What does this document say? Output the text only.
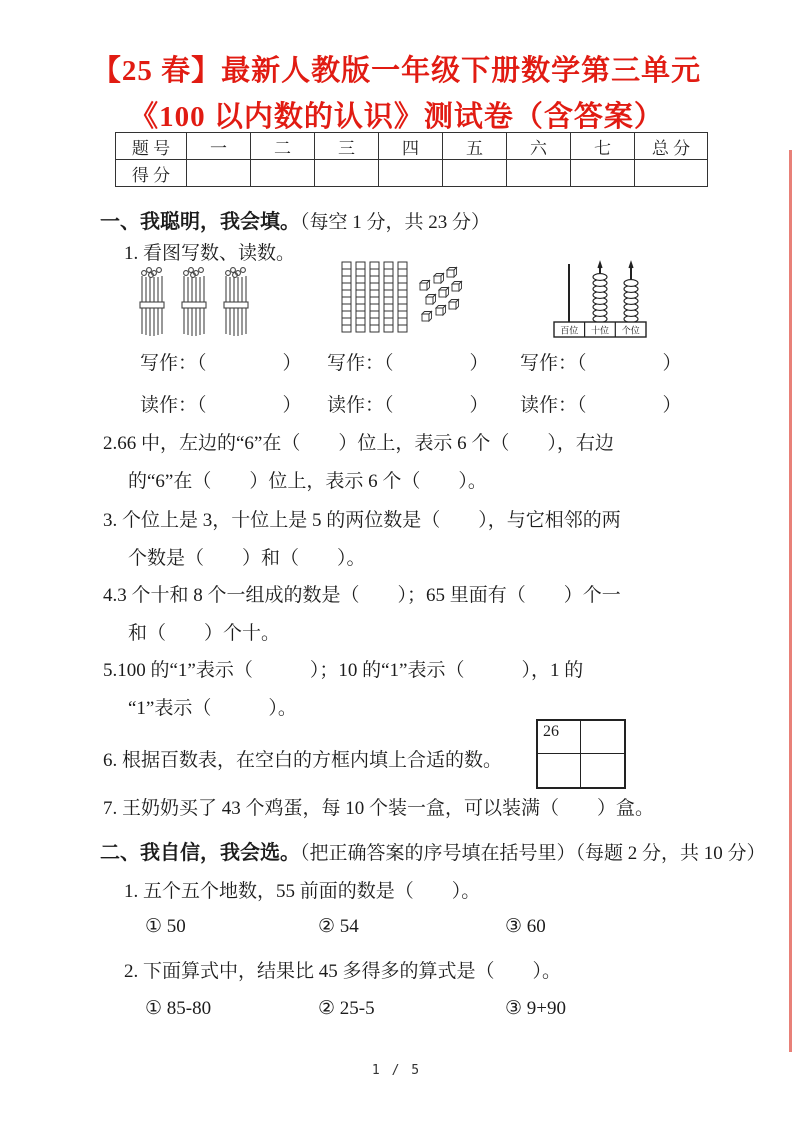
【25 春】最新人教版一年级下册数学第三单元
《100 以内数的认识》测试卷（含答案）
题 号	一	二	三	四	五	六	七	总 分
得 分								
一、我聪明，我会填。（每空 1 分，共 23 分）
1. 看图写数、读数。
百位 十位 个位
写作：（　　　　） 写作：（　　　　） 写作：（　　　　）
读作：（　　　　） 读作：（　　　　） 读作：（　　　　）
2.66 中，左边的“6”在（　　）位上，表示 6 个（　　），右边
的“6”在（　　）位上，表示 6 个（　　）。
3. 个位上是 3，十位上是 5 的两位数是（　　），与它相邻的两
个数是（　　）和（　　）。
4.3 个十和 8 个一组成的数是（　　）；65 里面有（　　）个一
和（　　）个十。
5.100 的“1”表示（　　　）；10 的“1”表示（　　　），1 的
“1”表示（　　　）。
6. 根据百数表，在空白的方框内填上合适的数。
26
7. 王奶奶买了 43 个鸡蛋，每 10 个装一盒，可以装满（　　）盒。
二、我自信，我会选。（把正确答案的序号填在括号里）（每题 2 分，共 10 分）
1. 五个五个地数，55 前面的数是（　　）。
① 50	② 54	③ 60
2. 下面算式中，结果比 45 多得多的算式是（　　）。
① 85-80	② 25-5	③ 9+90
1 / 5
